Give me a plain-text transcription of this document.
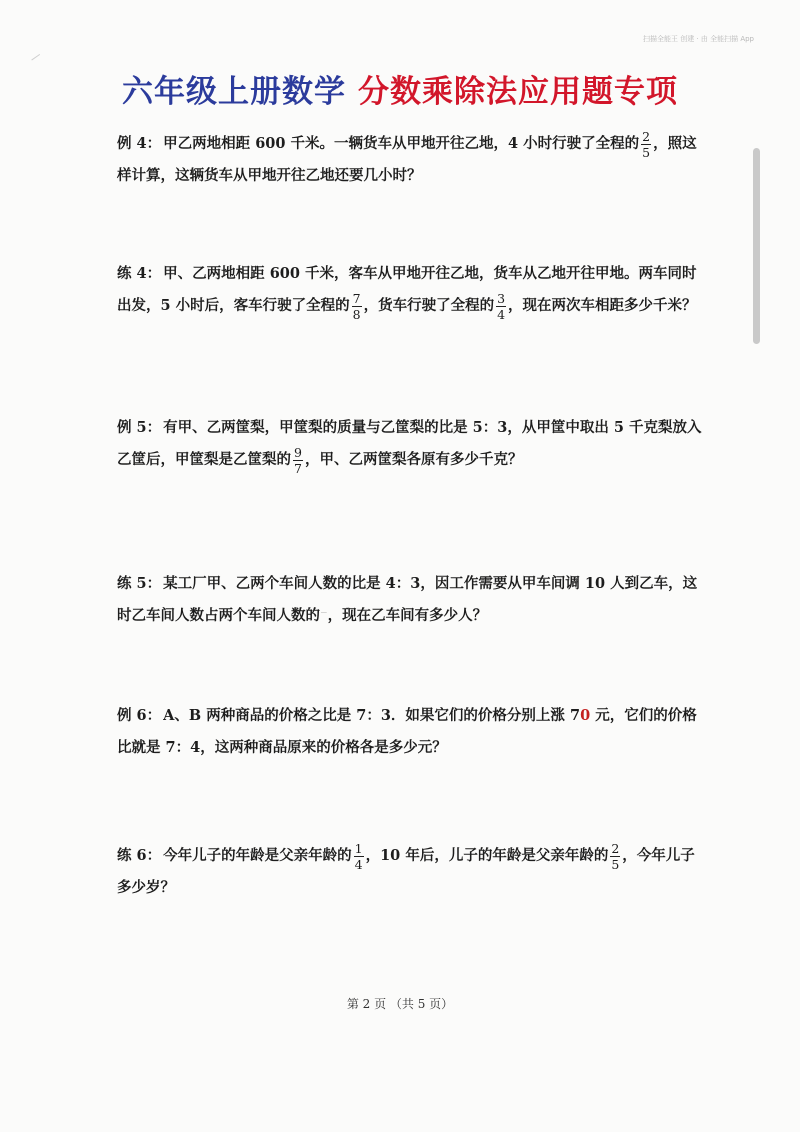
扫描全能王 创建 · 由 全能扫描 App
六年级上册数学 分数乘除法应用题专项
例 4： 甲乙两地相距 600 千米。一辆货车从甲地开往乙地，4 小时行驶了全程的 $\frac{2}{5}$ ，照这样计算，这辆货车从甲地开往乙地还要几小时？
练 4： 甲、乙两地相距 600 千米，客车从甲地开往乙地，货车从乙地开往甲地。两车同时出发，5 小时后，客车行驶了全程的 $\frac{7}{8}$ ，货车行驶了全程的 $\frac{3}{4}$ ，现在两次车相距多少千米？
例 5： 有甲、乙两筐梨，甲筐梨的质量与乙筐梨的比是 5：3，从甲筐中取出 5 千克梨放入乙筐后，甲筐梨是乙筐梨的 $\frac{9}{7}$ ，甲、乙两筐梨各原有多少千克？
练 5： 某工厂甲、乙两个车间人数的比是 4：3，因工作需要从甲车间调 10 人到乙车，这时乙车间人数占两个车间人数的⁻，现在乙车间有多少人？
例 6： A、B 两种商品的价格之比是 7：3．如果它们的价格分别上涨 70 元，它们的价格比就是 7：4，这两种商品原来的价格各是多少元？
练 6： 今年儿子的年龄是父亲年龄的 $\frac{1}{4}$ ，10 年后，儿子的年龄是父亲年龄的 $\frac{2}{5}$ ，今年儿子多少岁？
第 2 页 （共 5 页）
